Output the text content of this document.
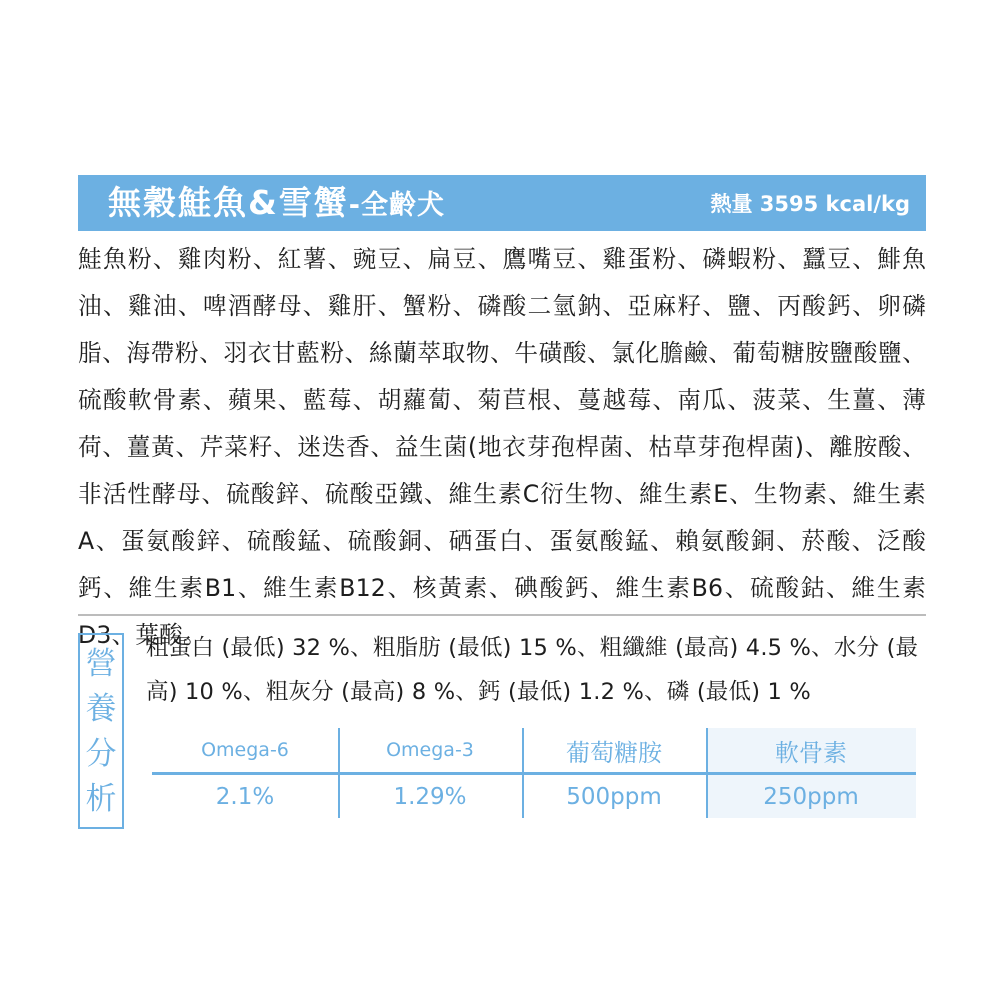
無穀鮭魚&雪蟹-全齡犬	熱量 3595 kcal/kg
鮭魚粉、雞肉粉、紅薯、豌豆、扁豆、鷹嘴豆、雞蛋粉、磷蝦粉、蠶豆、鯡魚油、雞油、啤酒酵母、雞肝、蟹粉、磷酸二氫鈉、亞麻籽、鹽、丙酸鈣、卵磷脂、海帶粉、羽衣甘藍粉、絲蘭萃取物、牛磺酸、氯化膽鹼、葡萄糖胺鹽酸鹽、硫酸軟骨素、蘋果、藍莓、胡蘿蔔、菊苣根、蔓越莓、南瓜、菠菜、生薑、薄荷、薑黃、芹菜籽、迷迭香、益生菌(地衣芽孢桿菌、枯草芽孢桿菌)、離胺酸、非活性酵母、硫酸鋅、硫酸亞鐵、維生素C衍生物、維生素E、生物素、維生素A、蛋氨酸鋅、硫酸錳、硫酸銅、硒蛋白、蛋氨酸錳、賴氨酸銅、菸酸、泛酸鈣、維生素B1、維生素B12、核黃素、碘酸鈣、維生素B6、硫酸鈷、維生素D3、葉酸。
營
養
分
析
粗蛋白 (最低) 32 %、粗脂肪 (最低) 15 %、粗纖維 (最高) 4.5 %、水分 (最高) 10 %、粗灰分 (最高) 8 %、鈣 (最低) 1.2 %、磷 (最低) 1 %
Omega-6	Omega-3	葡萄糖胺	軟骨素
2.1%	1.29%	500ppm	250ppm
